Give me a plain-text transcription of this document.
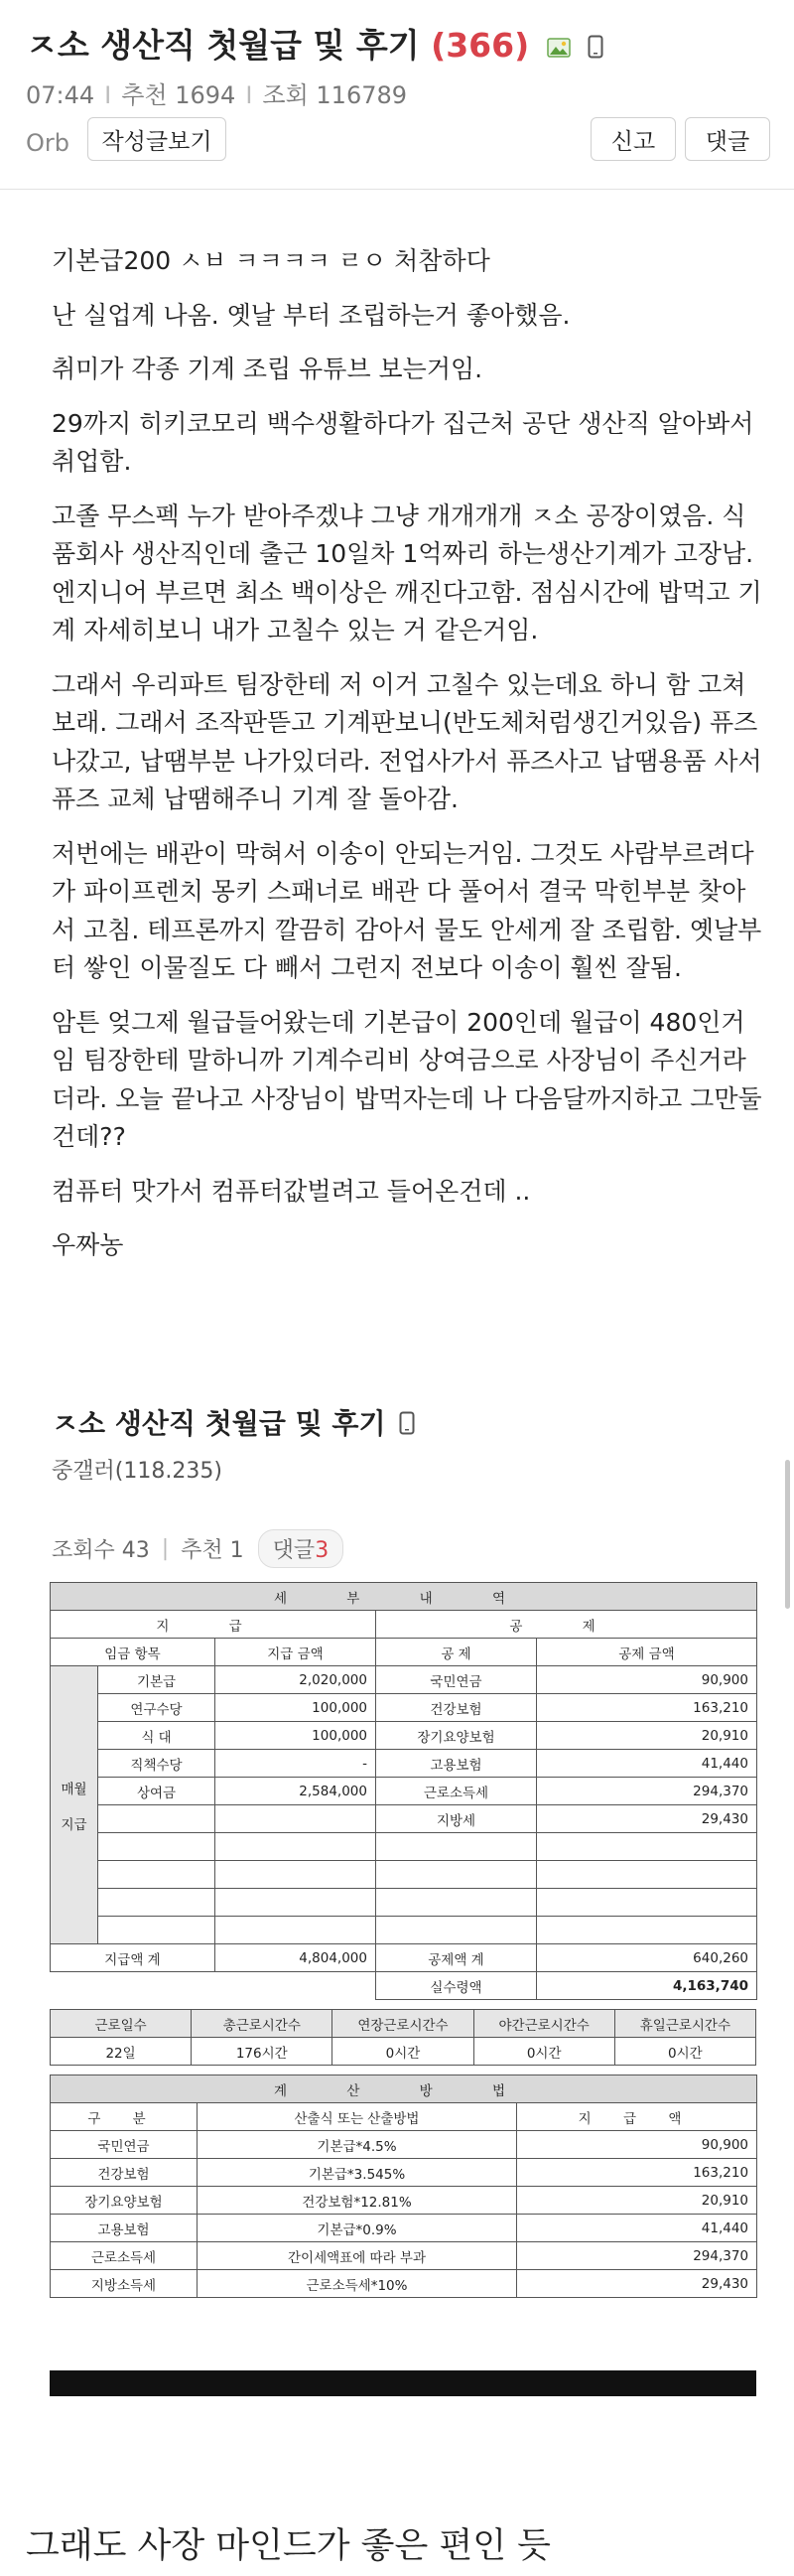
ㅈ소 생산직 첫월급 및 후기 (366)
07:44 I 추천 1694 I 조회 116789
Orb	작성글보기	신고	댓글

기본급200 ㅅㅂ ㅋㅋㅋㅋ ㄹㅇ 처참하다

난 실업계 나옴. 옛날 부터 조립하는거 좋아했음.

취미가 각종 기계 조립 유튜브 보는거임.

29까지 히키코모리 백수생활하다가 집근처 공단 생산직 알아봐서 취업함.

고졸 무스펙 누가 받아주겠냐 그냥 개개개개 ㅈ소 공장이였음. 식품회사 생산직인데 출근 10일차 1억짜리 하는생산기계가 고장남. 엔지니어 부르면 최소 백이상은 깨진다고함. 점심시간에 밥먹고 기계 자세히보니 내가 고칠수 있는 거 같은거임.

그래서 우리파트 팀장한테 저 이거 고칠수 있는데요 하니 함 고쳐보래. 그래서 조작판뜯고 기계판보니(반도체처럼생긴거있음) 퓨즈나갔고, 납땜부분 나가있더라. 전업사가서 퓨즈사고 납땜용품 사서 퓨즈 교체 납땜해주니 기계 잘 돌아감.

저번에는 배관이 막혀서 이송이 안되는거임. 그것도 사람부르려다가 파이프렌치 몽키 스패너로 배관 다 풀어서 결국 막힌부분 찾아서 고침. 테프론까지 깔끔히 감아서 물도 안세게 잘 조립함. 옛날부터 쌓인 이물질도 다 빼서 그런지 전보다 이송이 훨씬 잘됨.

암튼 엊그제 월급들어왔는데 기본급이 200인데 월급이 480인거임 팀장한테 말하니까 기계수리비 상여금으로 사장님이 주신거라더라. 오늘 끝나고 사장님이 밥먹자는데 나 다음달까지하고 그만둘건데??

컴퓨터 맛가서 컴퓨터값벌려고 들어온건데 ..

우짜농

ㅈ소 생산직 첫월급 및 후기
중갤러(118.235)
조회수 43 | 추천 1	댓글3
세 부 내 역				
지 급			공 제	
임금 항목		지급 금액	공 제	공제 금액
매월

지급	기본급	2,020,000	국민연금	90,900
	연구수당	100,000	건강보험	163,210
	식 대	100,000	장기요양보험	20,910
	직책수당	-	고용보험	41,440
	상여금	2,584,000	근로소득세	294,370
			지방세	29,430

지급액 계		4,804,000	공제액 계	640,260
			실수령액	4,163,740
근로일수	총근로시간수	연장근로시간수	야간근로시간수	휴일근로시간수
22일	176시간	0시간	0시간	0시간
계 산 방 법		
구 분	산출식 또는 산출방법	지 급 액
국민연금	기본급*4.5%	90,900
건강보험	기본급*3.545%	163,210
장기요양보험	건강보험*12.81%	20,910
고용보험	기본급*0.9%	41,440
근로소득세	간이세액표에 따라 부과	294,370
지방소득세	근로소득세*10%	29,430
그래도 사장 마인드가 좋은 편인 듯
